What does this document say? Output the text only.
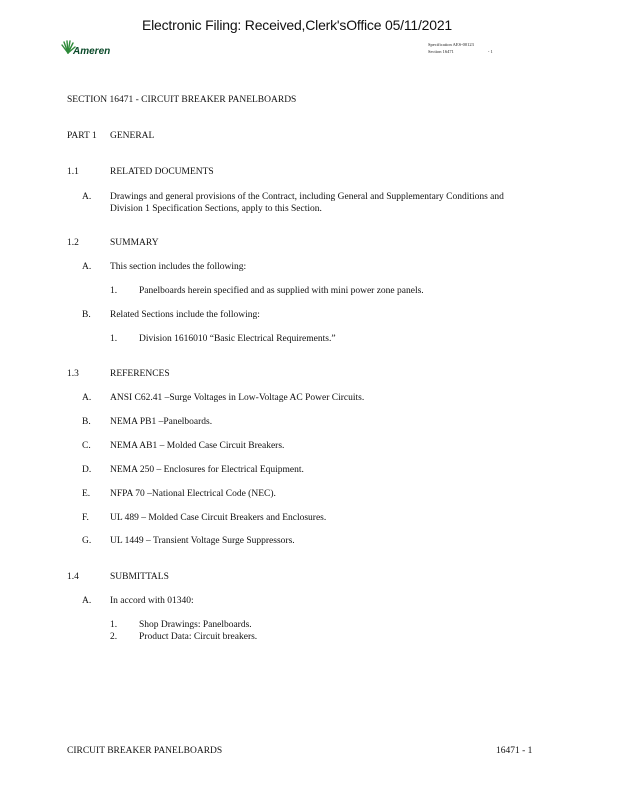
Electronic Filing: Received,Clerk'sOffice 05/11/2021
Ameren
Specification AES-00123
Section 16471	- 1
SECTION 16471 - CIRCUIT BREAKER PANELBOARDS
PART 1 GENERAL
1.1	RELATED DOCUMENTS
A. Drawings and general provisions of the Contract, including General and Supplementary Conditions and
Division 1 Specification Sections, apply to this Section.
1.2	SUMMARY
A. This section includes the following:
1. Panelboards herein specified and as supplied with mini power zone panels.
B. Related Sections include the following:
1. Division 1616010 “Basic Electrical Requirements.”
1.3	REFERENCES
A. ANSI C62.41 –Surge Voltages in Low-Voltage AC Power Circuits.
B. NEMA PB1 –Panelboards.
C. NEMA AB1 – Molded Case Circuit Breakers.
D. NEMA 250 – Enclosures for Electrical Equipment.
E. NFPA 70 –National Electrical Code (NEC).
F. UL 489 – Molded Case Circuit Breakers and Enclosures.
G. UL 1449 – Transient Voltage Surge Suppressors.
1.4	SUBMITTALS
A. In accord with 01340:
1. Shop Drawings: Panelboards.
2. Product Data: Circuit breakers.
CIRCUIT BREAKER PANELBOARDS	16471 - 1
